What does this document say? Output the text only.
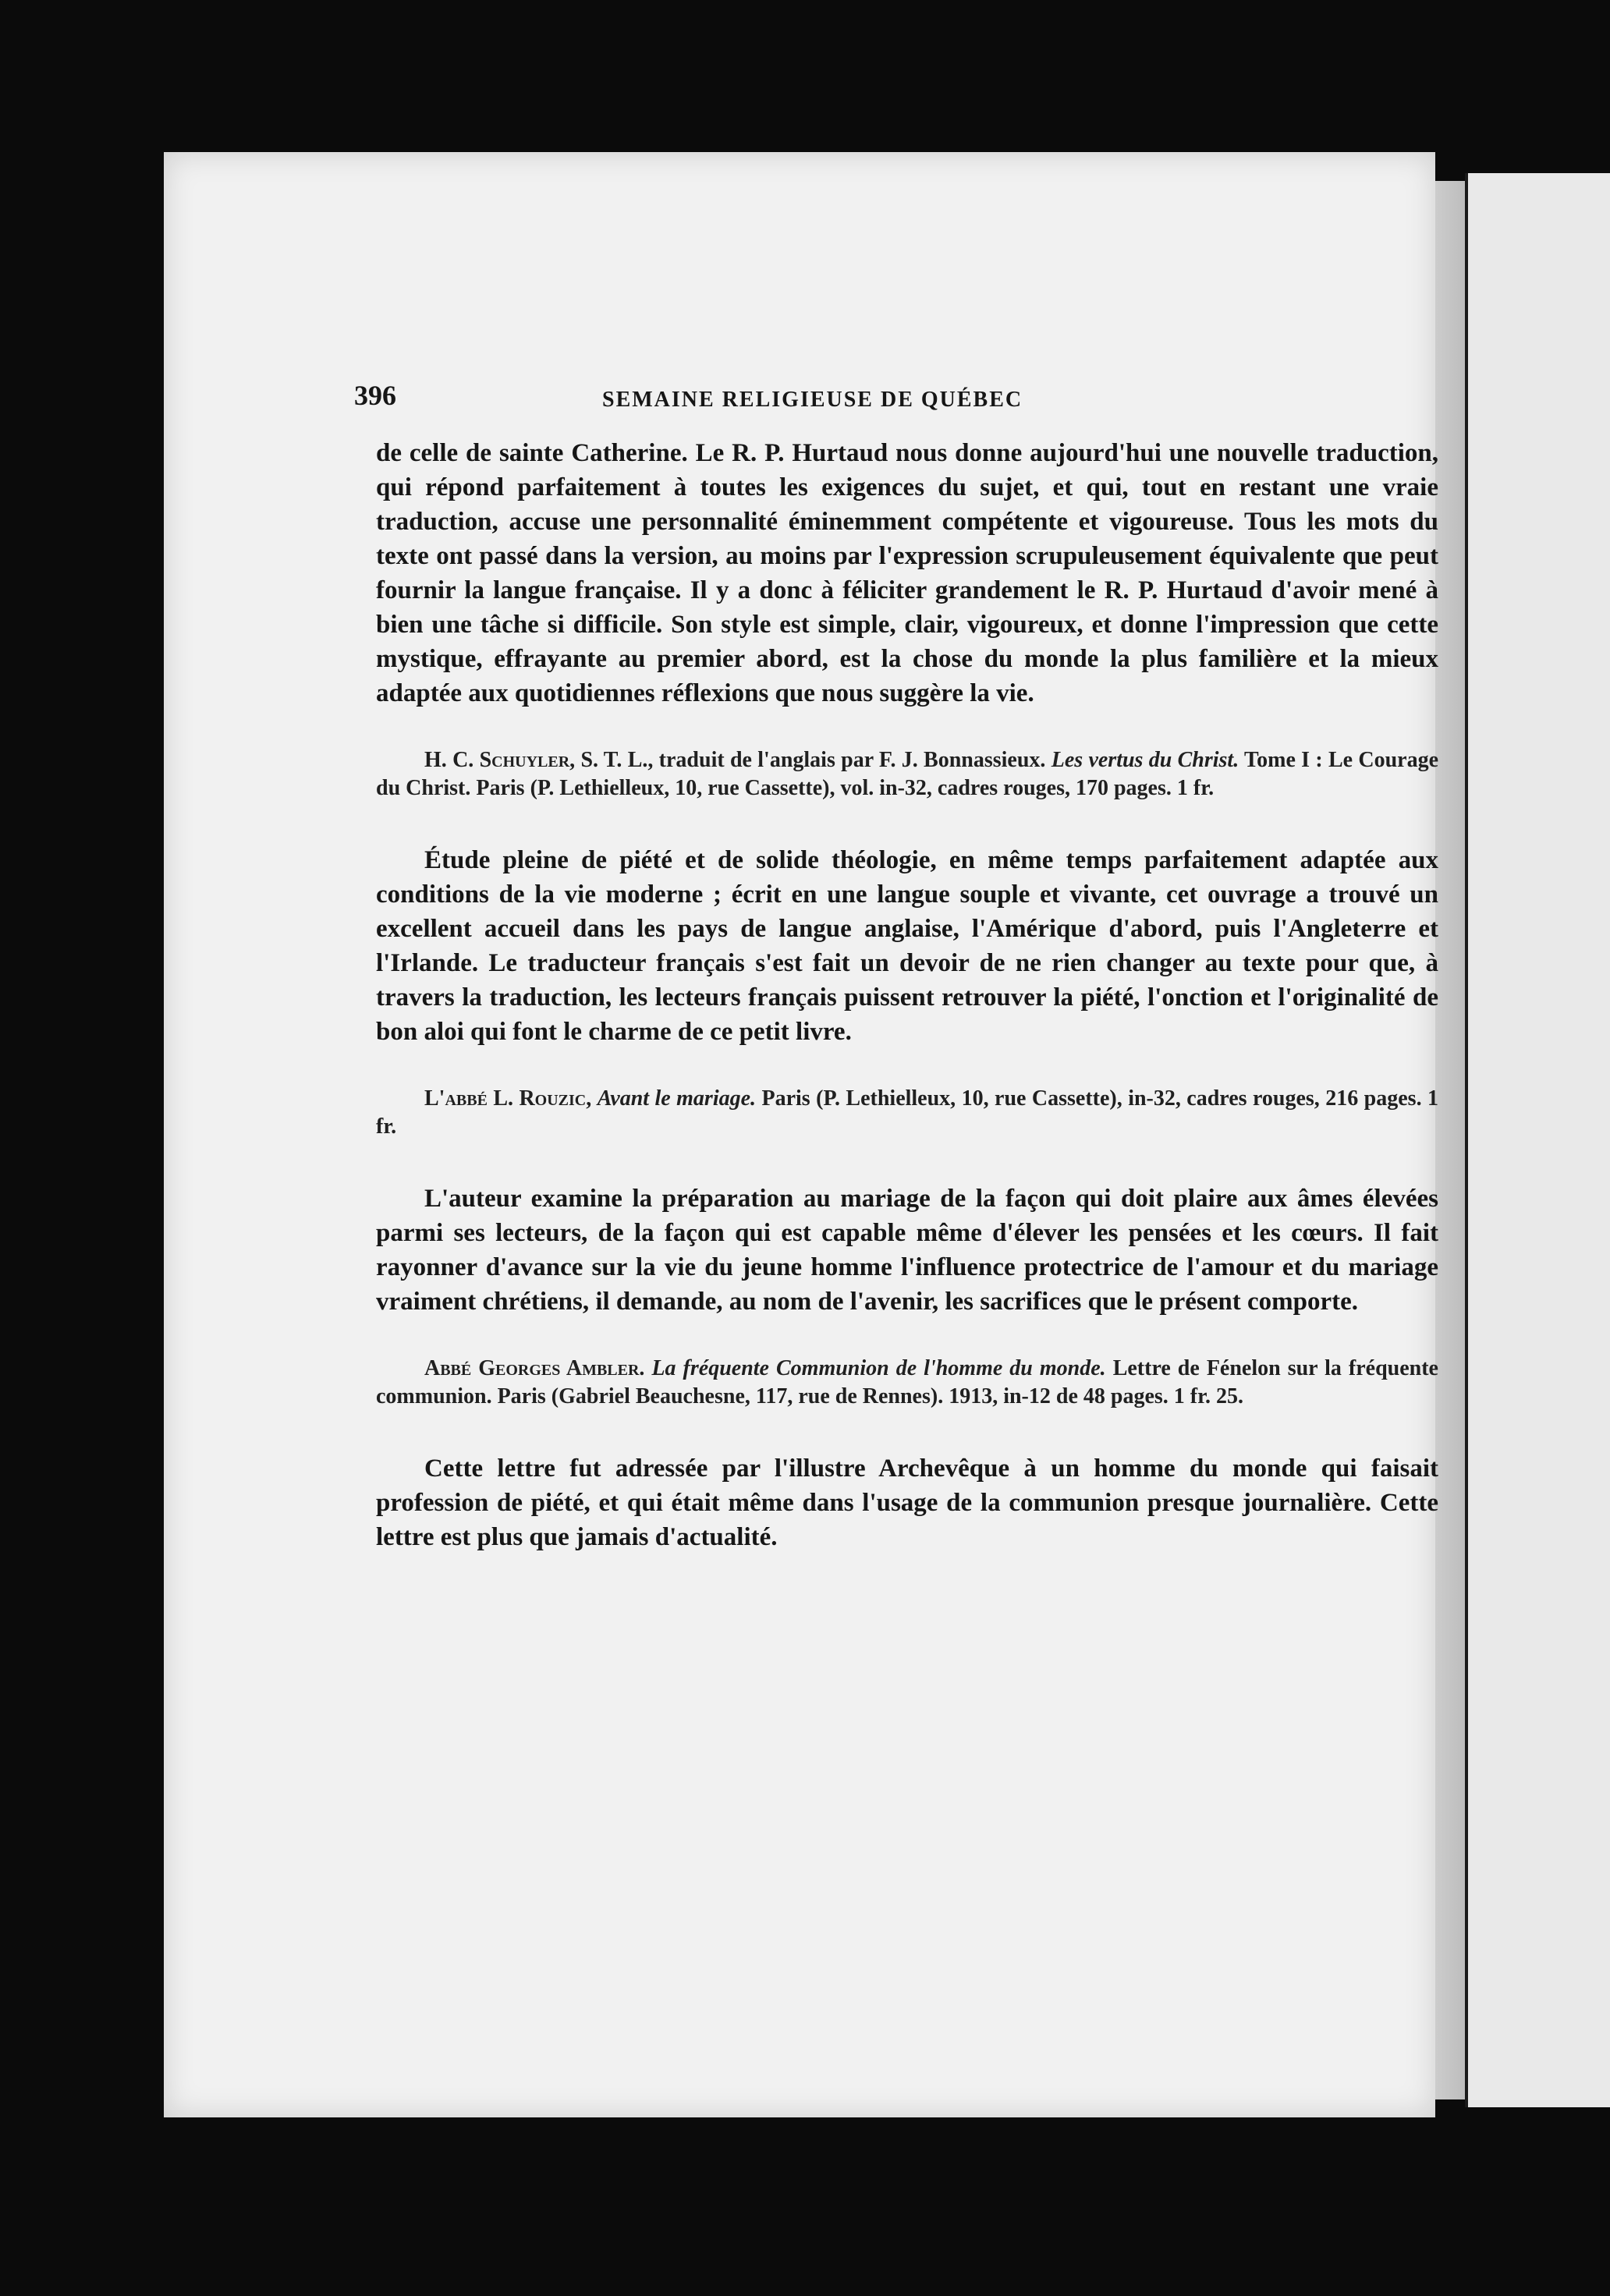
396	SEMAINE RELIGIEUSE DE QUÉBEC

de celle de sainte Catherine. Le R. P. Hurtaud nous donne aujourd'hui une nouvelle traduction, qui répond parfaitement à toutes les exigences du sujet, et qui, tout en restant une vraie traduction, accuse une personnalité éminemment compétente et vigoureuse. Tous les mots du texte ont passé dans la version, au moins par l'expression scrupuleusement équivalente que peut fournir la langue française. Il y a donc à féliciter grandement le R. P. Hurtaud d'avoir mené à bien une tâche si difficile. Son style est simple, clair, vigoureux, et donne l'impression que cette mystique, effrayante au premier abord, est la chose du monde la plus familière et la mieux adaptée aux quotidiennes réflexions que nous suggère la vie.

H. C. Schuyler, S. T. L., traduit de l'anglais par F. J. Bonnassieux. Les vertus du Christ. Tome I : Le Courage du Christ. Paris (P. Lethielleux, 10, rue Cassette), vol. in-32, cadres rouges, 170 pages. 1 fr.

Étude pleine de piété et de solide théologie, en même temps parfaitement adaptée aux conditions de la vie moderne ; écrit en une langue souple et vivante, cet ouvrage a trouvé un excellent accueil dans les pays de langue anglaise, l'Amérique d'abord, puis l'Angleterre et l'Irlande. Le traducteur français s'est fait un devoir de ne rien changer au texte pour que, à travers la traduction, les lecteurs français puissent retrouver la piété, l'onction et l'originalité de bon aloi qui font le charme de ce petit livre.

L'abbé L. Rouzic, Avant le mariage. Paris (P. Lethielleux, 10, rue Cassette), in-32, cadres rouges, 216 pages. 1 fr.

L'auteur examine la préparation au mariage de la façon qui doit plaire aux âmes élevées parmi ses lecteurs, de la façon qui est capable même d'élever les pensées et les cœurs. Il fait rayonner d'avance sur la vie du jeune homme l'influence protectrice de l'amour et du mariage vraiment chrétiens, il demande, au nom de l'avenir, les sacrifices que le présent comporte.

Abbé Georges Ambler. La fréquente Communion de l'homme du monde. Lettre de Fénelon sur la fréquente communion. Paris (Gabriel Beauchesne, 117, rue de Rennes). 1913, in-12 de 48 pages. 1 fr. 25.

Cette lettre fut adressée par l'illustre Archevêque à un homme du monde qui faisait profession de piété, et qui était même dans l'usage de la communion presque journalière. Cette lettre est plus que jamais d'actualité.
